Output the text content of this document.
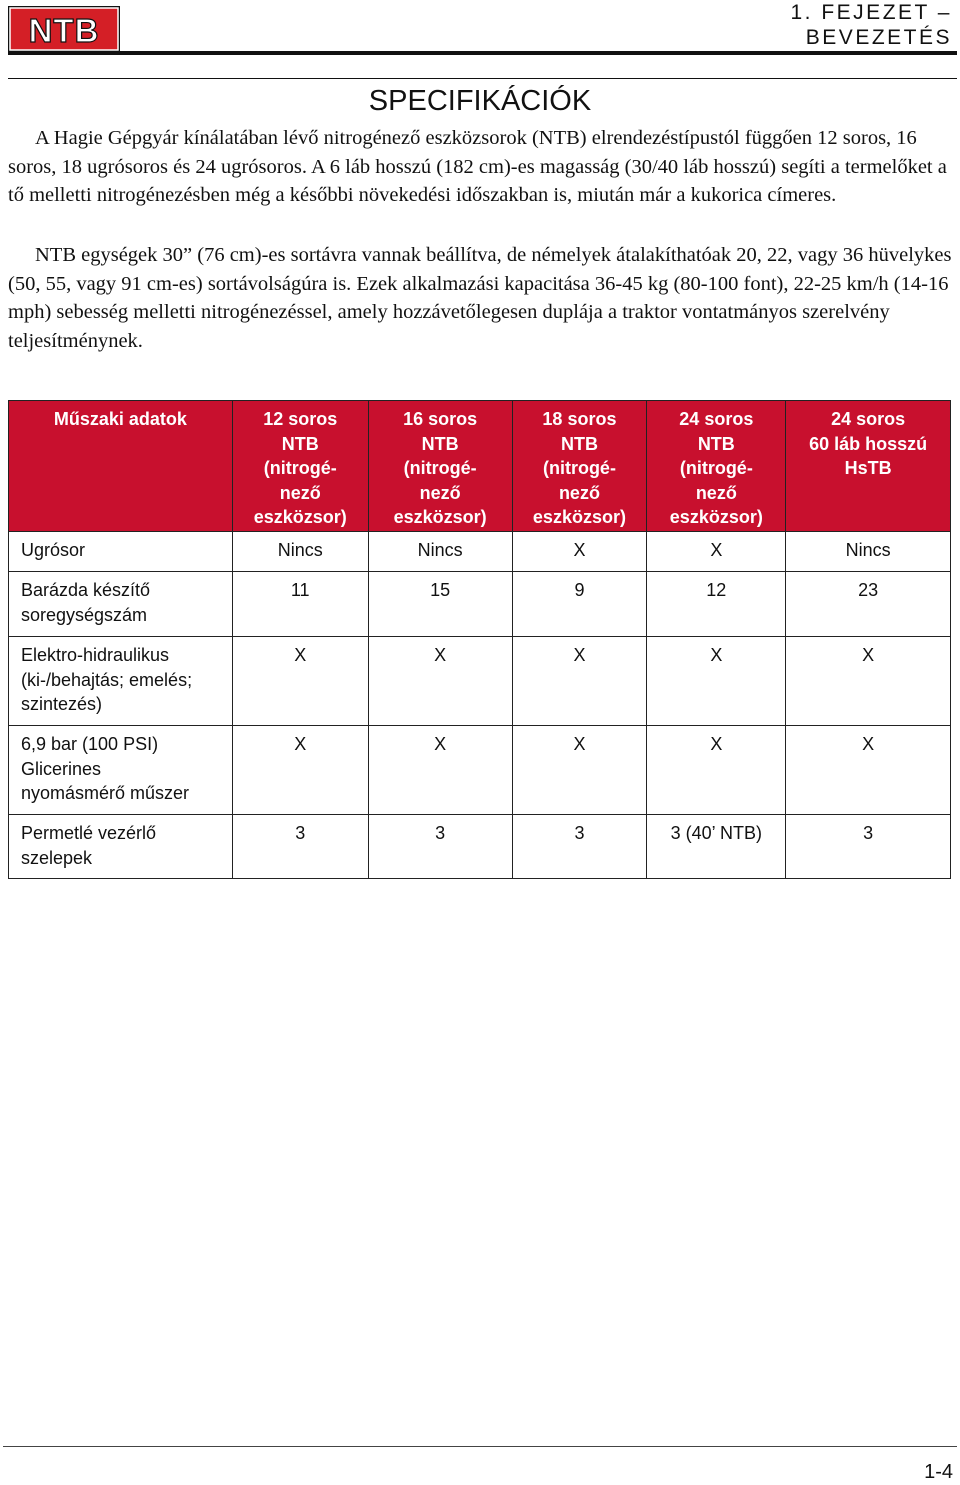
NTB	1. FEJEZET –
BEVEZETÉS
SPECIFIKÁCIÓK

A Hagie Gépgyár kínálatában lévő nitrogénező eszközsorok (NTB) elrendezéstípustól függően 12 soros, 16 soros, 18 ugrósoros és 24 ugrósoros. A 6 láb hosszú (182 cm)-es magasság (30/40 láb hosszú) segíti a termelőket a tő melletti nitrogénezésben még a későbbi növekedési időszakban is, miután már a kukorica címeres.

NTB egységek 30” (76 cm)-es sortávra vannak beállítva, de némelyek átalakíthatóak 20, 22, vagy 36 hüvelykes (50, 55, vagy 91 cm-es) sortávolságúra is. Ezek alkalmazási kapacitása 36-45 kg (80-100 font), 22-25 km/h (14-16 mph) sebesség melletti nitrogénezéssel, amely hozzávetőlegesen duplája a traktor vontatmányos szerelvény teljesítménynek.

Műszaki adatok	12 soros
NTB
(nitrogé-
nező
eszközsor)	16 soros
NTB
(nitrogé-
nező
eszközsor)	18 soros
NTB
(nitrogé-
nező
eszközsor)	24 soros
NTB
(nitrogé-
nező
eszközsor)	24 soros
60 láb hosszú
HsTB

Ugrósor	Nincs	Nincs	X	X	Nincs

Barázda készítő
soregységszám	11	15	9	12	23

Elektro-hidraulikus
(ki-/behajtás; emelés;
szintezés)	X	X	X	X	X

6,9 bar (100 PSI)
Glicerines
nyomásmérő műszer	X	X	X	X	X

Permetlé vezérlő
szelepek	3	3	3	3 (40’ NTB)	3
1-4
